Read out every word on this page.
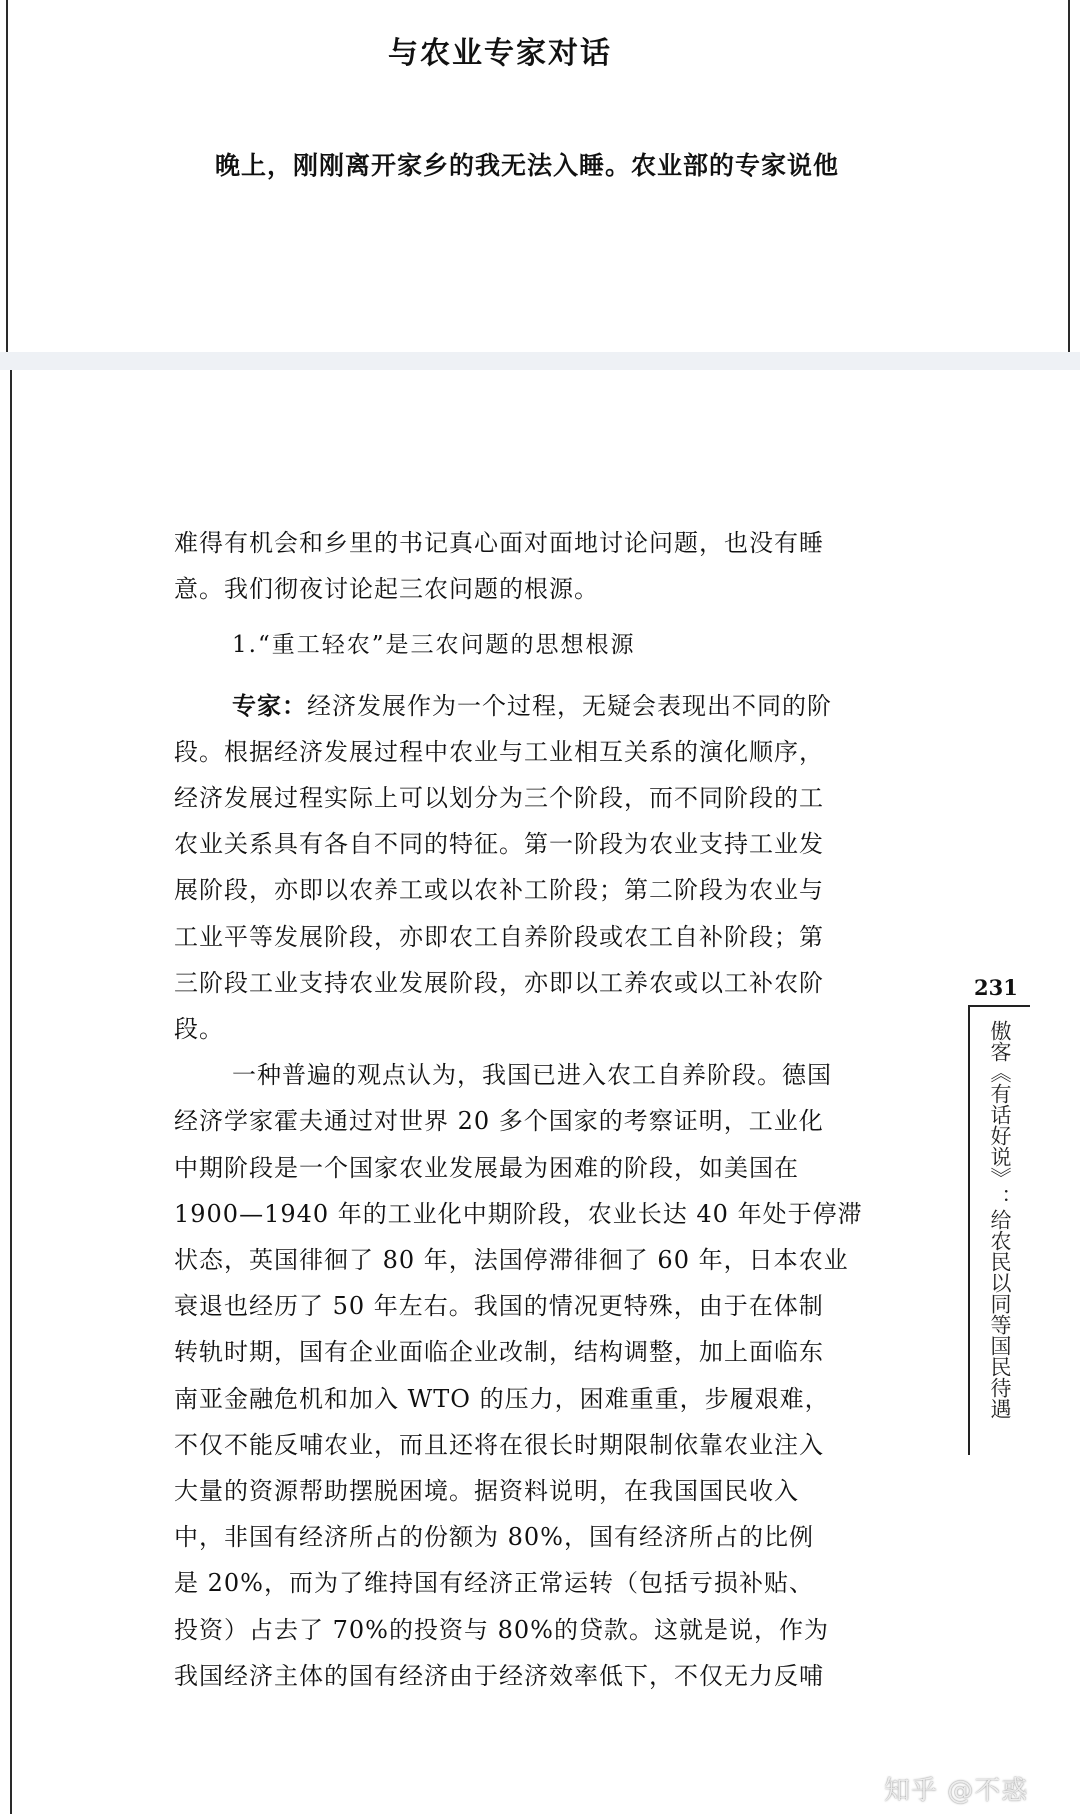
与农业专家对话
晚上，刚刚离开家乡的我无法入睡。农业部的专家说他
难得有机会和乡里的书记真心面对面地讨论问题，也没有睡
意。我们彻夜讨论起三农问题的根源。
1.“重工轻农”是三农问题的思想根源
专家：经济发展作为一个过程，无疑会表现出不同的阶
段。根据经济发展过程中农业与工业相互关系的演化顺序，
经济发展过程实际上可以划分为三个阶段，而不同阶段的工
农业关系具有各自不同的特征。第一阶段为农业支持工业发
展阶段，亦即以农养工或以农补工阶段；第二阶段为农业与
工业平等发展阶段，亦即农工自养阶段或农工自补阶段；第
三阶段工业支持农业发展阶段，亦即以工养农或以工补农阶
段。
一种普遍的观点认为，我国已进入农工自养阶段。德国
经济学家霍夫通过对世界 20 多个国家的考察证明，工业化
中期阶段是一个国家农业发展最为困难的阶段，如美国在
1900—1940 年的工业化中期阶段，农业长达 40 年处于停滞
状态，英国徘徊了 80 年，法国停滞徘徊了 60 年，日本农业
衰退也经历了 50 年左右。我国的情况更特殊，由于在体制
转轨时期，国有企业面临企业改制，结构调整，加上面临东
南亚金融危机和加入 WTO 的压力，困难重重，步履艰难，
不仅不能反哺农业，而且还将在很长时期限制依靠农业注入
大量的资源帮助摆脱困境。据资料说明，在我国国民收入
中，非国有经济所占的份额为 80%，国有经济所占的比例
是 20%，而为了维持国有经济正常运转（包括亏损补贴、
投资）占去了 70%的投资与 80%的贷款。这就是说，作为
我国经济主体的国有经济由于经济效率低下，不仅无力反哺
231
傲客《有话好说》：给农民以同等国民待遇
知乎 @不惑
